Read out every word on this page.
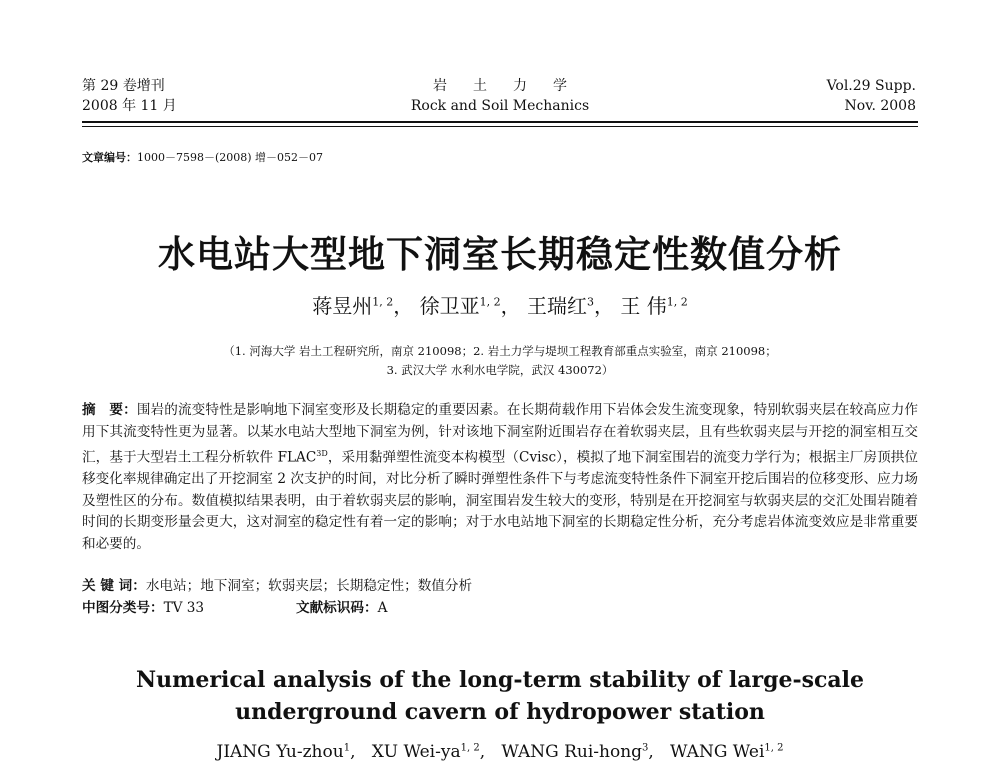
第 29 卷增刊
2008 年 11 月
岩土力学
Rock and Soil Mechanics
Vol.29 Supp.
Nov. 2008
文章编号：1000－7598－(2008) 增－052－07
水电站大型地下洞室长期稳定性数值分析
蒋昱州$^{1, 2}$， 徐卫亚$^{1, 2}$， 王瑞红$^3$， 王 伟$^{1, 2}$
（1. 河海大学 岩土工程研究所，南京 210098；2. 岩土力学与堤坝工程教育部重点实验室，南京 210098；
3. 武汉大学 水利水电学院，武汉 430072）
摘　要：围岩的流变特性是影响地下洞室变形及长期稳定的重要因素。在长期荷载作用下岩体会发生流变现象，特别软弱夹层在较高应力作用下其流变特性更为显著。以某水电站大型地下洞室为例，针对该地下洞室附近围岩存在着软弱夹层，且有些软弱夹层与开挖的洞室相互交汇，基于大型岩土工程分析软件 $FLAC^{3D}$，采用黏弹塑性流变本构模型（Cvisc），模拟了地下洞室围岩的流变力学行为；根据主厂房顶拱位移变化率规律确定出了开挖洞室 2 次支护的时间，对比分析了瞬时弹塑性条件下与考虑流变特性条件下洞室开挖后围岩的位移变形、应力场及塑性区的分布。数值模拟结果表明，由于着软弱夹层的影响，洞室围岩发生较大的变形，特别是在开挖洞室与软弱夹层的交汇处围岩随着时间的长期变形量会更大，这对洞室的稳定性有着一定的影响；对于水电站地下洞室的长期稳定性分析，充分考虑岩体流变效应是非常重要和必要的。
关 键 词：水电站；地下洞室；软弱夹层；长期稳定性；数值分析
中图分类号：TV 33	文献标识码：A
Numerical analysis of the long-term stability of large-scale
underground cavern of hydropower station
JIANG Yu-zhou$^1$,   XU Wei-ya$^{1, 2}$,   WANG Rui-hong$^3$,   WANG Wei$^{1, 2}$
